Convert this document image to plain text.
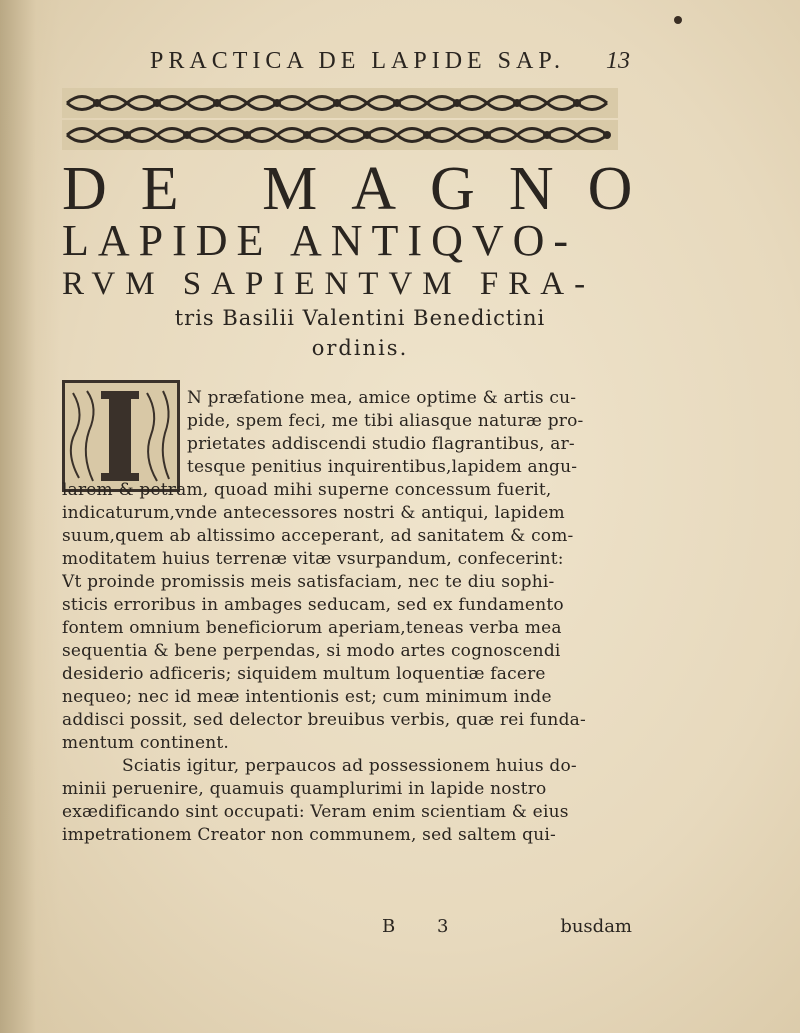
PRACTICA DE LAPIDE SAP. 13
DE MAGNO
LAPIDE ANTIQVO-
RVM SAPIENTVM FRA-
tris Basilii Valentini Benedictini
ordinis.
N præfatione mea, amice optime & artis cu-
pide, spem feci, me tibi aliasque naturæ pro-
prietates addiscendi studio flagrantibus, ar-
tesque penitius inquirentibus,lapidem angu-
larem & petram, quoad mihi superne concessum fuerit,
indicaturum,vnde antecessores nostri & antiqui, lapidem
suum,quem ab altissimo acceperant, ad sanitatem & com-
moditatem huius terrenæ vitæ vsurpandum, confecerint:
Vt proinde promissis meis satisfaciam, nec te diu sophi-
sticis erroribus in ambages seducam, sed ex fundamento
fontem omnium beneficiorum aperiam,teneas verba mea
sequentia & bene perpendas, si modo artes cognoscendi
desiderio adficeris; siquidem multum loquentiæ facere
nequeo; nec id meæ intentionis est; cum minimum inde
addisci possit, sed delector breuibus verbis, quæ rei funda-
mentum continent.
Sciatis igitur, perpaucos ad possessionem huius do-
minii peruenire, quamuis quamplurimi in lapide nostro
exædificando sint occupati: Veram enim scientiam & eius
impetrationem Creator non communem, sed saltem qui-
B 3	busdam
